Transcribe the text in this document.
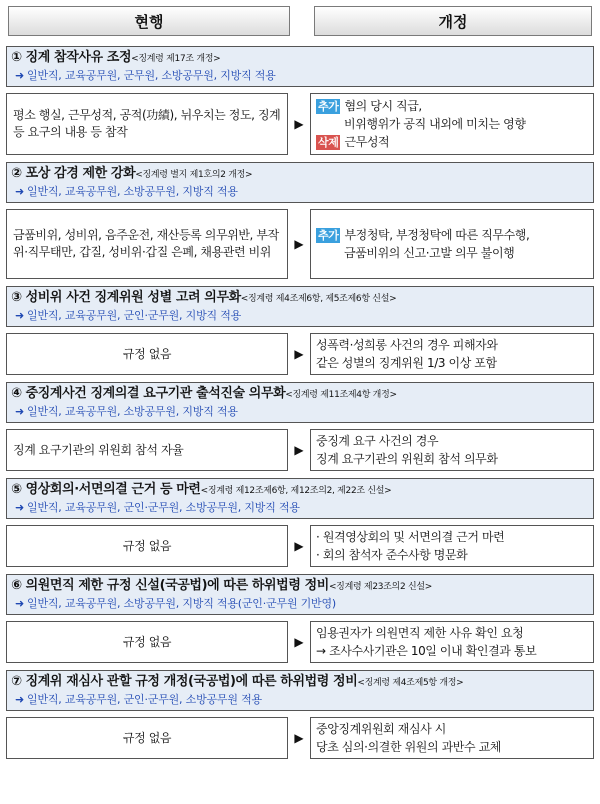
현행	개정
① 징계 참작사유 조정<징계령 제17조 개정>
➜ 일반직, 교육공무원, 군무원, 소방공무원, 지방직 적용
평소 행실, 근무성적, 공적(功績), 뉘우치는 정도, 징계등 요구의 내용 등 참작
▶
추가 혐의 당시 직급,
비위행위가 공직 내외에 미치는 영향
삭제 근무성적
② 포상 감경 제한 강화<징계령 별지 제1호의2 개정>
➜ 일반직, 교육공무원, 소방공무원, 지방직 적용
금품비위, 성비위, 음주운전, 재산등록 의무위반, 부작위·직무태만, 갑질, 성비위·갑질 은폐, 채용관련 비위
▶
추가 부정청탁, 부정청탁에 따른 직무수행,
금품비위의 신고·고발 의무 불이행
③ 성비위 사건 징계위원 성별 고려 의무화<징계령 제4조제6항, 제5조제6항 신설>
➜ 일반직, 교육공무원, 군인·군무원, 지방직 적용
규정 없음	▶
성폭력·성희롱 사건의 경우 피해자와
같은 성별의 징계위원 1/3 이상 포함
④ 중징계사건 징계의결 요구기관 출석진술 의무화<징계령 제11조제4항 개정>
➜ 일반직, 교육공무원, 소방공무원, 지방직 적용
징계 요구기관의 위원회 참석 자율	▶
중징계 요구 사건의 경우
징계 요구기관의 위원회 참석 의무화
⑤ 영상회의·서면의결 근거 등 마련<징계령 제12조제6항, 제12조의2, 제22조 신설>
➜ 일반직, 교육공무원, 군인·군무원, 소방공무원, 지방직 적용
규정 없음	▶
· 원격영상회의 및 서면의결 근거 마련
· 회의 참석자 준수사항 명문화
⑥ 의원면직 제한 규정 신설(국공법)에 따른 하위법령 정비<징계령 제23조의2 신설>
➜ 일반직, 교육공무원, 소방공무원, 지방직 적용(군인·군무원 기반영)
규정 없음	▶
임용권자가 의원면직 제한 사유 확인 요청
→ 조사수사기관은 10일 이내 확인결과 통보
⑦ 징계위 재심사 관할 규정 개정(국공법)에 따른 하위법령 정비<징계령 제4조제5항 개정>
➜ 일반직, 교육공무원, 군인·군무원, 소방공무원 적용
규정 없음	▶
중앙징계위원회 재심사 시
당초 심의·의결한 위원의 과반수 교체
